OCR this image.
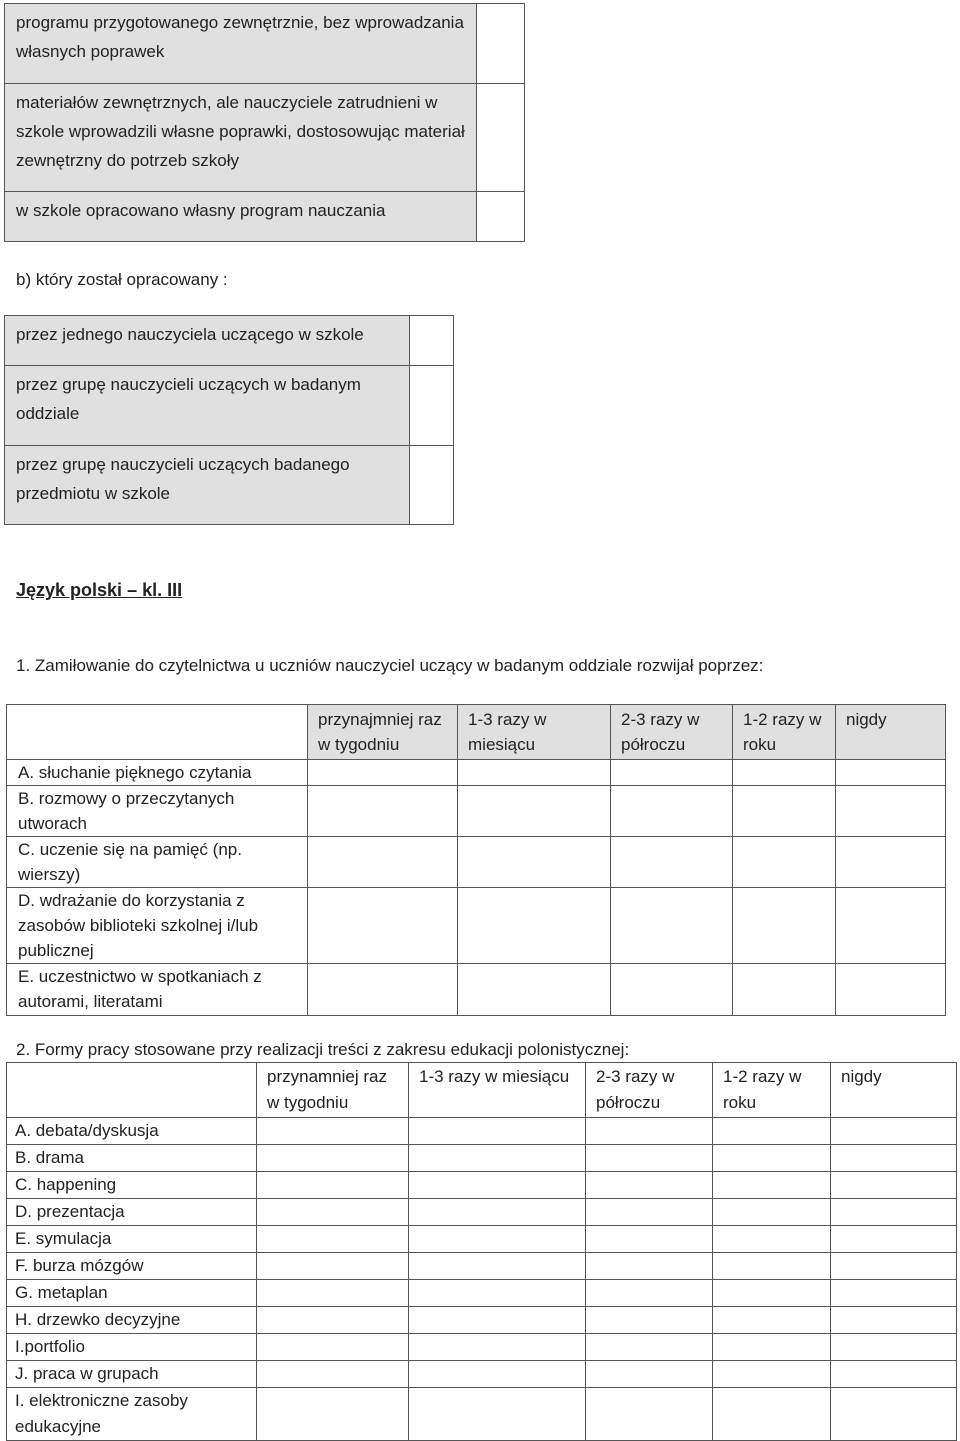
programu przygotowanego zewnętrznie, bez wprowadzania własnych poprawek	
materiałów zewnętrznych, ale nauczyciele zatrudnieni w szkole wprowadzili własne poprawki, dostosowując materiał zewnętrzny do potrzeb szkoły	
w szkole opracowano własny program nauczania	
b) który został opracowany :
przez jednego nauczyciela uczącego w szkole	
przez grupę nauczycieli uczących w badanym oddziale	
przez grupę nauczycieli uczących badanego przedmiotu w szkole	
Język polski – kl. III
1. Zamiłowanie do czytelnictwa u uczniów nauczyciel uczący w badanym oddziale rozwijał poprzez:
	przynajmniej raz w tygodniu	1-3 razy w miesiącu	2-3 razy w półroczu	1-2 razy w roku	nigdy
A. słuchanie pięknego czytania					
B. rozmowy o przeczytanych utworach					
C. uczenie się na pamięć (np. wierszy)					
D. wdrażanie do korzystania z zasobów biblioteki szkolnej i/lub publicznej					
E. uczestnictwo w spotkaniach z autorami, literatami					
2. Formy pracy stosowane przy realizacji treści z zakresu edukacji polonistycznej:
	przynamniej raz w tygodniu	1-3 razy w miesiącu	2-3 razy w półroczu	1-2 razy w roku	nigdy
A. debata/dyskusja					
B. drama					
C. happening					
D. prezentacja					
E. symulacja					
F. burza mózgów					
G. metaplan					
H. drzewko decyzyjne					
I.portfolio					
J. praca w grupach					
I. elektroniczne zasoby edukacyjne					
